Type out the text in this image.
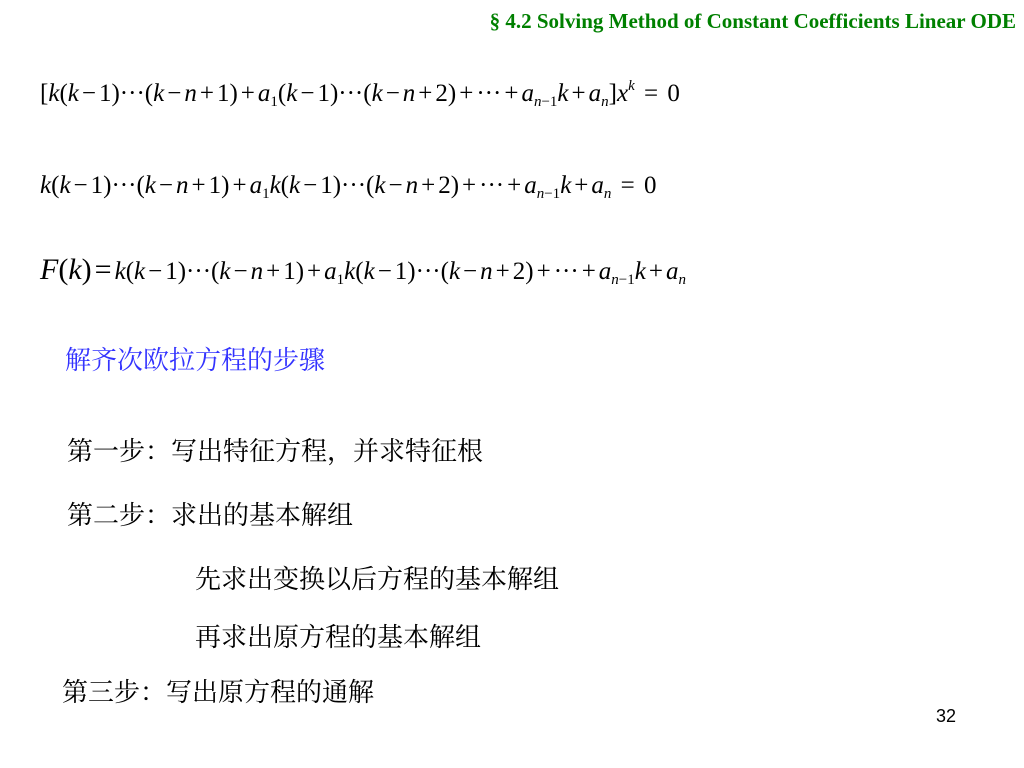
§ 4.2 Solving Method of Constant Coefficients Linear ODE
[$k(k - 1)\cdot\cdot\cdot(k - n + 1) + a_1(k - 1)\cdot\cdot\cdot(k - n + 2)$ + ··· + $a_{n-1}k + a_n]x^k = 0$
$k(k - 1)\cdot\cdot\cdot(k - n + 1) + a_1k(k - 1)\cdot\cdot\cdot(k - n + 2)$ + ··· + $a_{n-1}k + a_n = 0$
$F(k) = k(k - 1)\cdot\cdot\cdot(k - n + 1) + a_1k(k - 1)\cdot\cdot\cdot(k - n + 2)$ + ··· + $a_{n-1}k + a_n$
解齐次欧拉方程的步骤
第一步：写出特征方程，并求特征根
第二步：求出的基本解组
先求出变换以后方程的基本解组
再求出原方程的基本解组
第三步：写出原方程的通解
32
